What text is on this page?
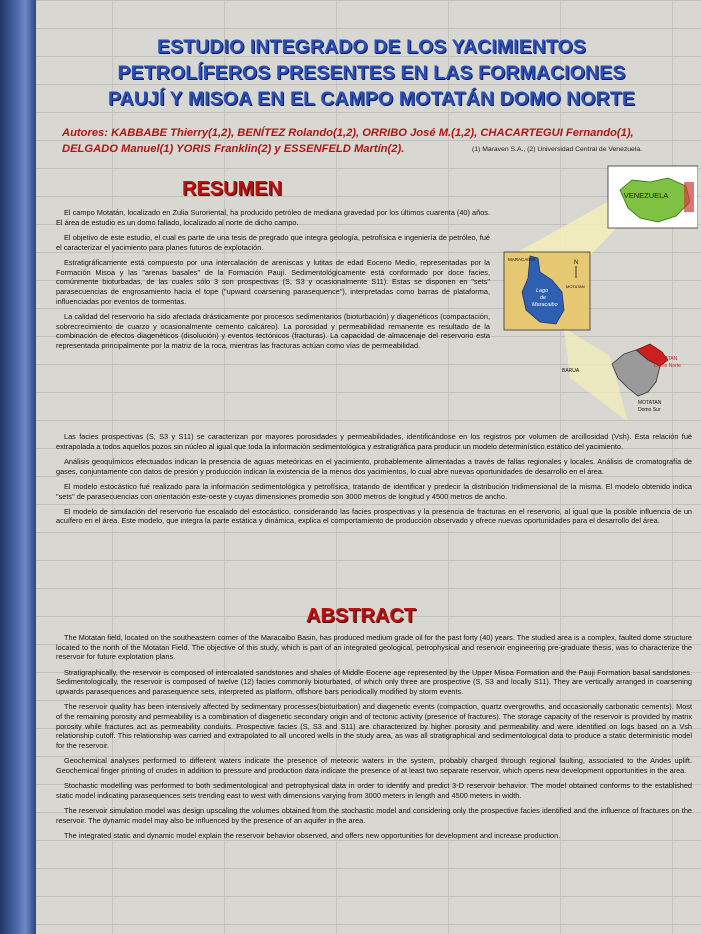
ESTUDIO INTEGRADO DE LOS YACIMIENTOS
PETROLÍFEROS PRESENTES EN LAS FORMACIONES
PAUJÍ Y MISOA EN EL CAMPO MOTATÁN DOMO NORTE
Autores: KABBABE Thierry(1,2), BENÍTEZ Rolando(1,2), ORRIBO José M.(1,2), CHACARTEGUI Fernando(1),
DELGADO Manuel(1) YORIS Franklin(2) y ESSENFELD Martín(2).	(1) Maraven S.A., (2) Universidad Central de Venezuela.
RESUMEN

El campo Motatán, localizado en Zulia Suroriental, ha producido petróleo de mediana gravedad por los últimos cuarenta (40) años. El área de estudio es un domo fallado, localizado al norte de dicho campo.

El objetivo de este estudio, el cual es parte de una tesis de pregrado que integra geología, petrofísica e ingeniería de petróleo, fué el caracterizar el yacimiento para planes futuros de explotación.

Estratigráficamente está compuesto por una intercalación de areniscas y lutitas de edad Eoceno Medio, representadas por la Formación Misoa y las "arenas basales" de la Formación Paují. Sedimentológicamente está conformado por doce facies, comúnmente bioturbadas, de las cuales sólo 3 son prospectivas (S, S3 y ocasionalmente S11). Estas se disponen en "sets" parasecuencias de engrosamiento hacia el tope ("upward coarsening parasequence"), interpretadas como barras de plataforma, influenciadas por eventos de tormentas.

La calidad del reservorio ha sido afectada drásticamente por procesos sedimentarios (bioturbación) y diagenéticos (compactación, sobrecrecimiento de cuarzo y ocasionalmente cemento calcáreo). La porosidad y permeabilidad remanente es resultado de la combinación de efectos diagenéticos (disolución) y eventos tectónicos (fracturas). La capacidad de almacenaje del reservorio esta representada principalmente por la matriz de la roca, mientras las fracturas actúan como vías de permeabilidad.

VENEZUELA
MARACAIBO
N
Lago
de
Maracaibo
MOTATAN
BARUA
MOTATAN
Domo Norte
MOTATAN
Domo Sur

Las facies prospectivas (S, S3 y S11) se caracterizan por mayores porosidades y permeabilidades, identificándose en los registros por volumen de arcillosidad (Vsh). Esta relación fué extrapolada a todos aquellos pozos sin núcleo al igual que toda la información sedimentológica y estratigráfica para producir un modelo determinístico estático del yacimiento.

Análisis geoquímicos efectuados indican la presencia de aguas meteóricas en el yacimiento, probablemente alimentadas a través de fallas regionales y locales. Análisis de cromatografía de gases, conjuntamente con datos de presión y producción indican la existencia de la menos dos yacimientos, lo cual abre nuevas oportunidades de desarrollo en el área.

El modelo estocástico fué realizado para la información sedimentológica y petrofísica, tratando de identificar y predecir la distribución tridimensional de la misma. El modelo obtenido indica "sets" de parasecuencias con orientación este-oeste y cuyas dimensiones promedio son 3000 metros de longitud y 4500 metros de ancho.

El modelo de simulación del reservorio fue escalado del estocástico, considerando las facies prospectivas y la presencia de fracturas en el reservorio, al igual que la posible influencia de un acuífero en el área. Este modelo, que integra la parte estática y dinámica, explica el comportamiento de producción observado y ofrece nuevas oportunidades para el desarrollo del área.

ABSTRACT

The Motatan field, located on the southeastern corner of the Maracaibo Basin, has produced medium grade oil for the past forty (40) years. The studied area is a complex, faulted dome structure located to the north of the Motatan Field. The objective of this study, which is part of an integrated geological, petrophysical and reservoir engineering pre-graduate thesis, was to characterize the reservoir for future explotation plans.

Stratigraphically, the reservoir is composed of intercalated sandstones and shales of Middle Eocene age represented by the Upper Misoa Formation and the Pauji Formation basal sandstones. Sedimentologically, the reservoir is composed of twelve (12) facies commonly bioturbated, of which only three are prospective (S, S3 and locally S11). They are vertically arranged in coarsening upwards parasequences and parasequence sets, interpreted as platform, offshore bars periodically modified by storm events.

The reservoir quality has been intensively affected by sedimentary processes(bioturbation) and diagenetic events (compaction, quartz overgrowths, and occasionally carbonatic cements). Most of the remaining porosity and permeability is a combination of diagenetic secondary origin and of tectonic activity (presence of fractures). The storage capacity of the reservoir is provided by matrix porosity while fractures act as permeability conduits. Prospective facies (S, S3 and S11) are characterized by higher porosity and permeability and were identified on logs based on a Vsh relationship cutoff. This relationship was carried and extrapolated to all uncored wells in the study area, as was all stratigraphical and sedimentological data to produce a static deterministic model for the reservoir.

Geochemical analyses performed to different waters indicate the presence of meteoric waters in the system, probably charged through regional faulting, associated to the Andes uplift. Geochemical finger printing of crudes in addition to pressure and production data indicate the presence of at least two separate reservoir, which opens new development opportunities in the area.

Stochastic modelling was performed to both sedimentological and petrophysical data in order to identify and predict 3-D reservoir behavior. The model obtained conforms to the established static model indicating parasequences sets trending east to west with dimensions varying from 3000 meters in length and 4500 meters in width.

The reservoir simulation model was design upscaling the volumes obtained from the stochastic model and considering only the prospective facies identified and the influence of fractures on the reservoir. The dynamic model may also be influenced by the presence of an aquifer in the area.

The integrated static and dynamic model explain the reservoir behavior observed, and offers new opportunities for development and increase production.
